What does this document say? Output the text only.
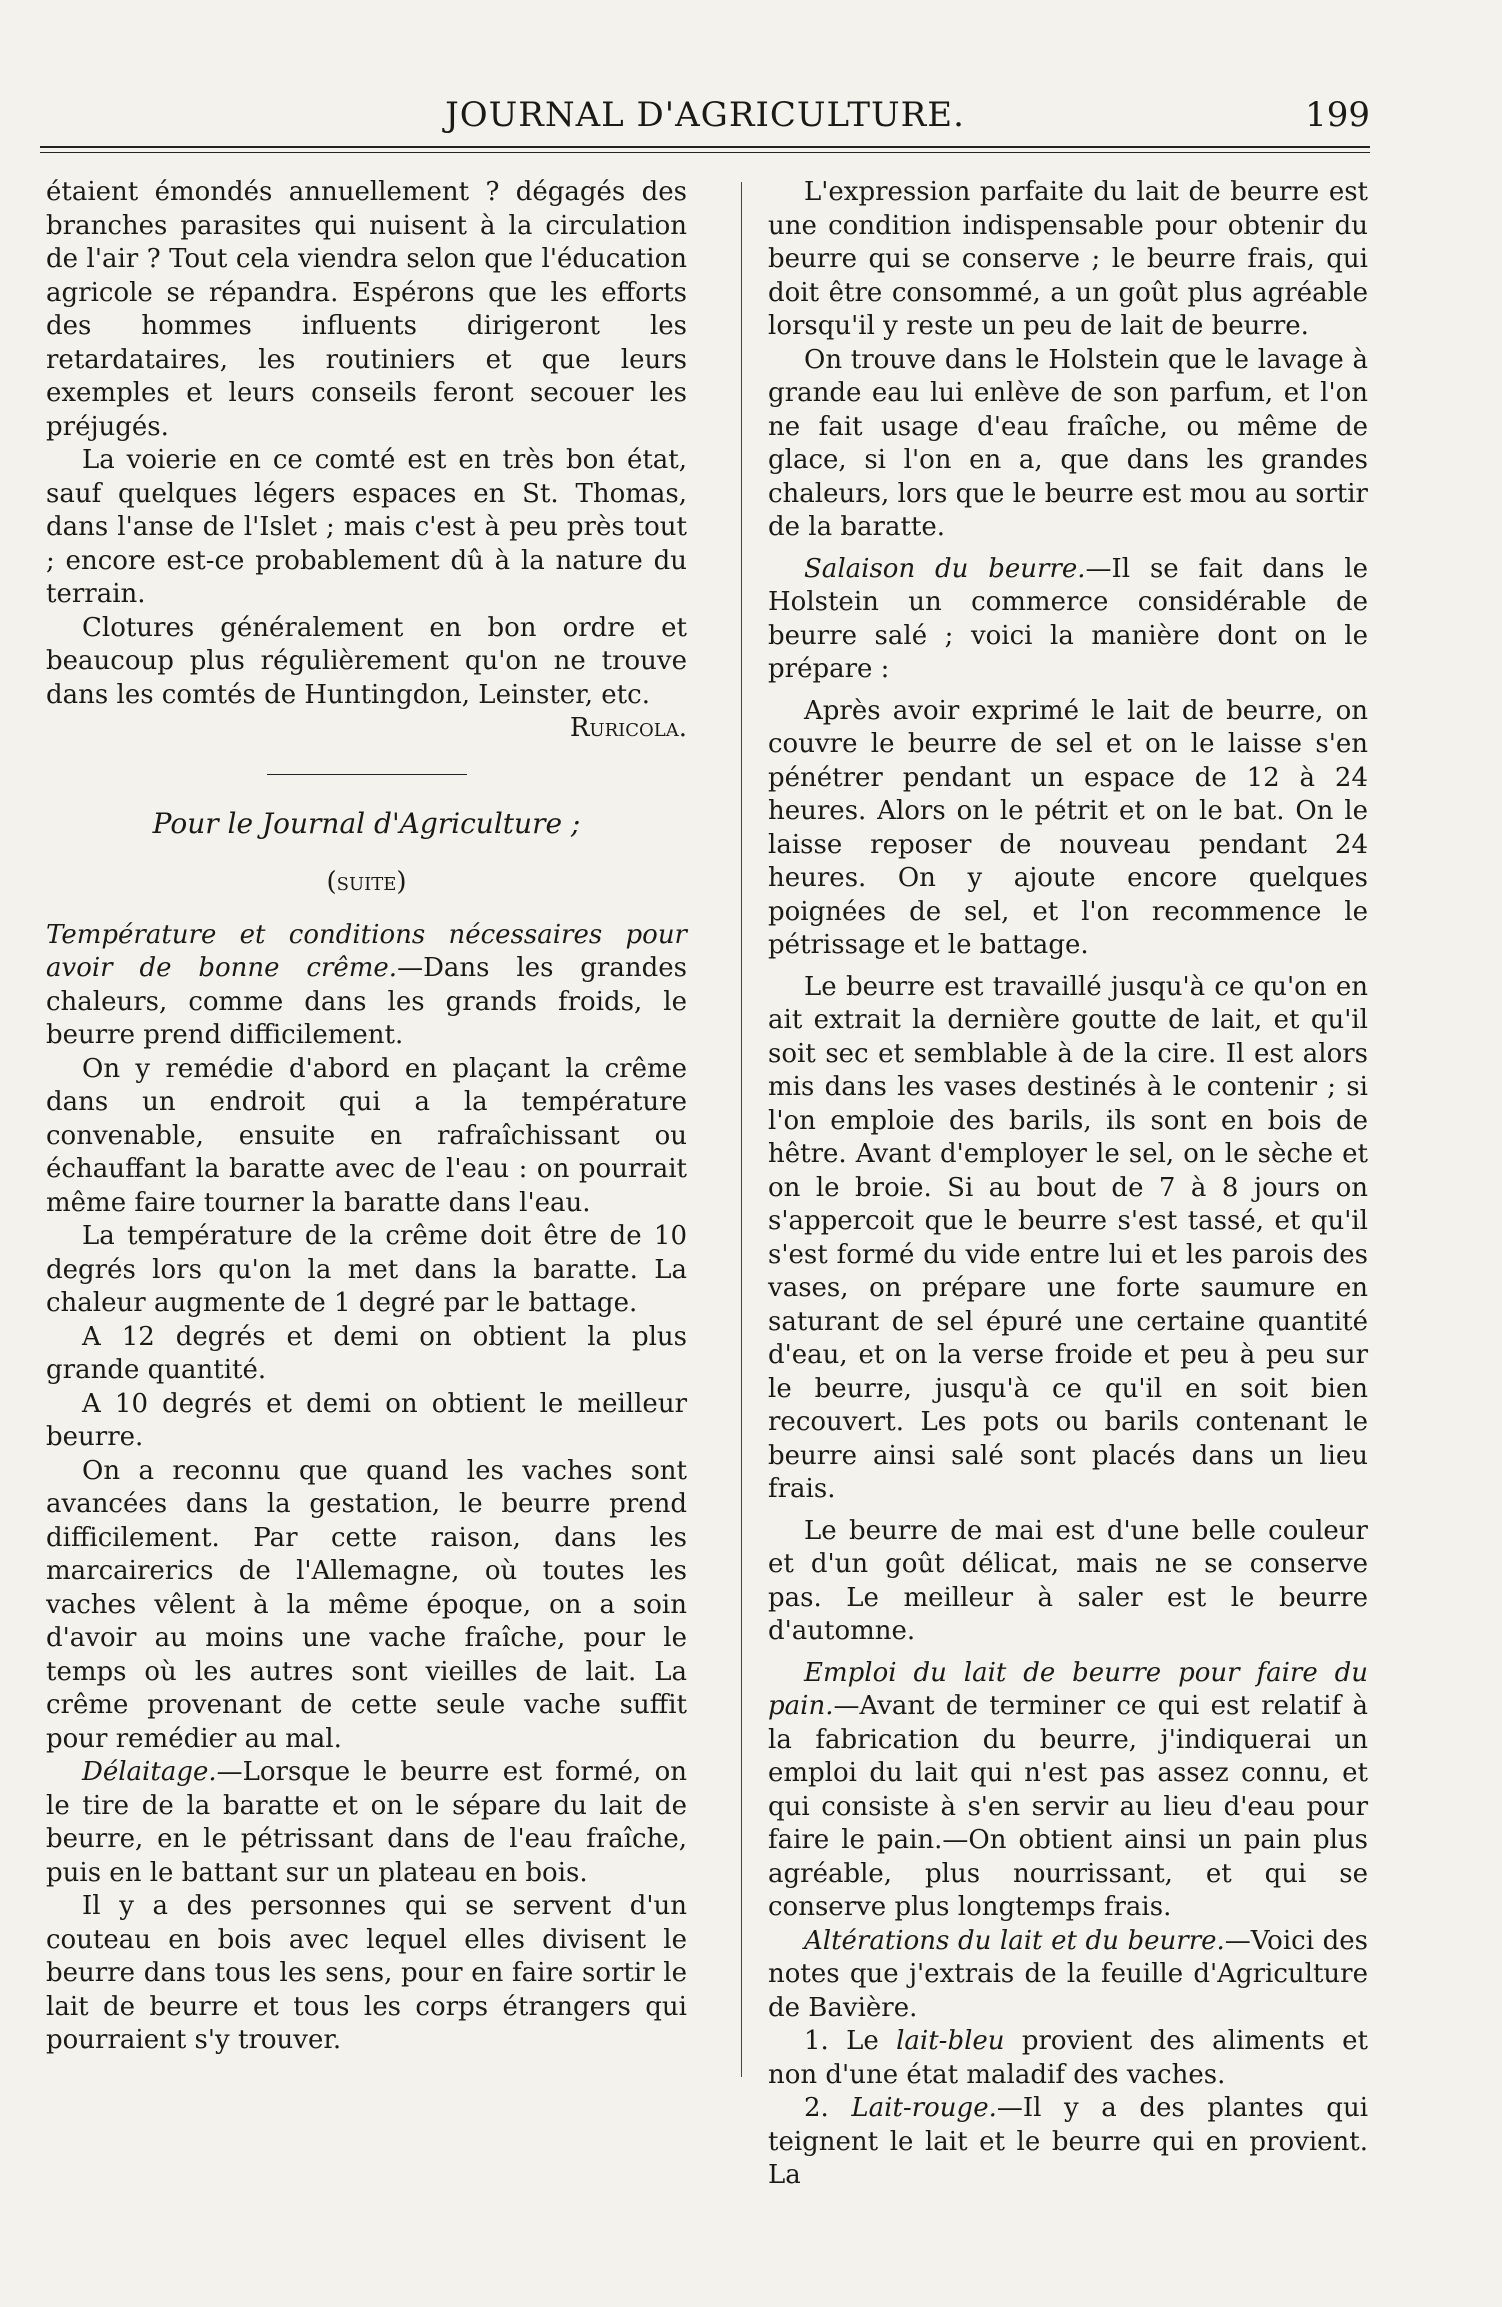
JOURNAL D'AGRICULTURE.	199

étaient émondés annuellement ? dégagés des branches parasites qui nuisent à la circulation de l'air ? Tout cela viendra selon que l'éducation agricole se répandra. Espérons que les efforts des hommes influents dirigeront les retardataires, les routiniers et que leurs exemples et leurs conseils feront secouer les préjugés.

La voierie en ce comté est en très bon état, sauf quelques légers espaces en St. Thomas, dans l'anse de l'Islet ; mais c'est à peu près tout ; encore est-ce probablement dû à la nature du terrain.

Clotures généralement en bon ordre et beaucoup plus régulièrement qu'on ne trouve dans les comtés de Huntingdon, Leinster, etc.

Ruricola.
Pour le Journal d'Agriculture ;
(suite)

Température et conditions nécessaires pour avoir de bonne crême.—Dans les grandes chaleurs, comme dans les grands froids, le beurre prend difficilement.

On y remédie d'abord en plaçant la crême dans un endroit qui a la température convenable, ensuite en rafraîchissant ou échauffant la baratte avec de l'eau : on pourrait même faire tourner la baratte dans l'eau.

La température de la crême doit être de 10 degrés lors qu'on la met dans la baratte. La chaleur augmente de 1 degré par le battage.

A 12 degrés et demi on obtient la plus grande quantité.

A 10 degrés et demi on obtient le meilleur beurre.

On a reconnu que quand les vaches sont avancées dans la gestation, le beurre prend difficilement. Par cette raison, dans les marcairerics de l'Allemagne, où toutes les vaches vêlent à la même époque, on a soin d'avoir au moins une vache fraîche, pour le temps où les autres sont vieilles de lait. La crême provenant de cette seule vache suffit pour remédier au mal.

Délaitage.—Lorsque le beurre est formé, on le tire de la baratte et on le sépare du lait de beurre, en le pétrissant dans de l'eau fraîche, puis en le battant sur un plateau en bois.

Il y a des personnes qui se servent d'un couteau en bois avec lequel elles divisent le beurre dans tous les sens, pour en faire sortir le lait de beurre et tous les corps étrangers qui pourraient s'y trouver.

L'expression parfaite du lait de beurre est une condition indispensable pour obtenir du beurre qui se conserve ; le beurre frais, qui doit être consommé, a un goût plus agréable lorsqu'il y reste un peu de lait de beurre.

On trouve dans le Holstein que le lavage à grande eau lui enlève de son parfum, et l'on ne fait usage d'eau fraîche, ou même de glace, si l'on en a, que dans les grandes chaleurs, lors que le beurre est mou au sortir de la baratte.

Salaison du beurre.—Il se fait dans le Holstein un commerce considérable de beurre salé ; voici la manière dont on le prépare :

Après avoir exprimé le lait de beurre, on couvre le beurre de sel et on le laisse s'en pénétrer pendant un espace de 12 à 24 heures. Alors on le pétrit et on le bat. On le laisse reposer de nouveau pendant 24 heures. On y ajoute encore quelques poignées de sel, et l'on recommence le pétrissage et le battage.

Le beurre est travaillé jusqu'à ce qu'on en ait extrait la dernière goutte de lait, et qu'il soit sec et semblable à de la cire. Il est alors mis dans les vases destinés à le contenir ; si l'on emploie des barils, ils sont en bois de hêtre. Avant d'employer le sel, on le sèche et on le broie. Si au bout de 7 à 8 jours on s'appercoit que le beurre s'est tassé, et qu'il s'est formé du vide entre lui et les parois des vases, on prépare une forte saumure en saturant de sel épuré une certaine quantité d'eau, et on la verse froide et peu à peu sur le beurre, jusqu'à ce qu'il en soit bien recouvert. Les pots ou barils contenant le beurre ainsi salé sont placés dans un lieu frais.

Le beurre de mai est d'une belle couleur et d'un goût délicat, mais ne se conserve pas. Le meilleur à saler est le beurre d'automne.

Emploi du lait de beurre pour faire du pain.—Avant de terminer ce qui est relatif à la fabrication du beurre, j'indiquerai un emploi du lait qui n'est pas assez connu, et qui consiste à s'en servir au lieu d'eau pour faire le pain.—On obtient ainsi un pain plus agréable, plus nourrissant, et qui se conserve plus longtemps frais.

Altérations du lait et du beurre.—Voici des notes que j'extrais de la feuille d'Agriculture de Bavière.

1. Le lait-bleu provient des aliments et non d'une état maladif des vaches.

2. Lait-rouge.—Il y a des plantes qui teignent le lait et le beurre qui en provient. La
